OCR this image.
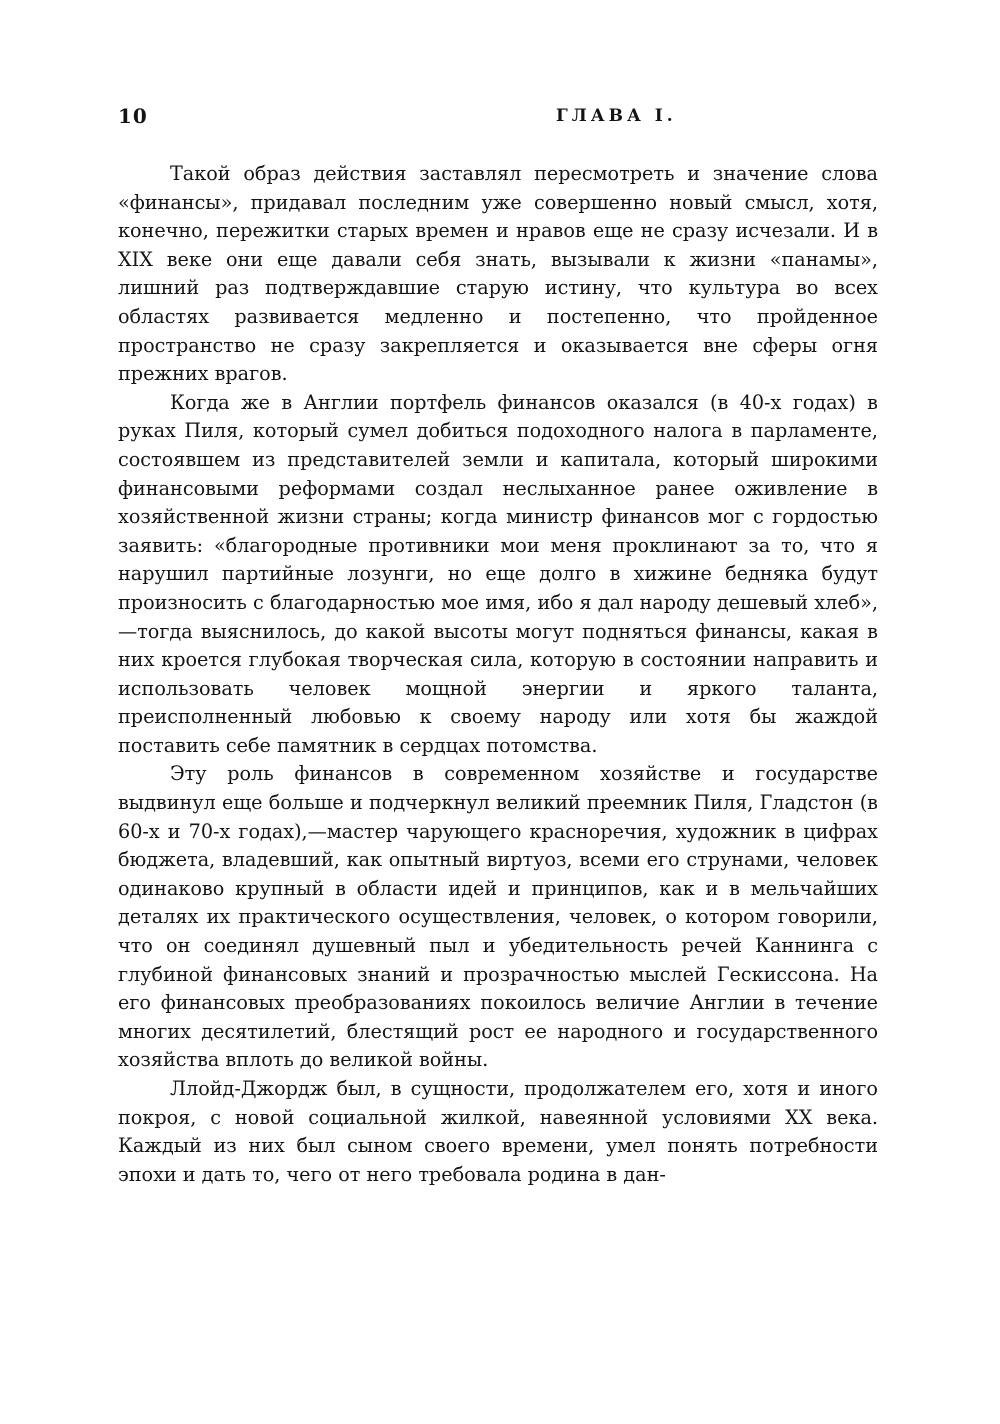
10	ГЛАВА I.

Такой образ действия заставлял пересмотреть и значение слова «финансы», придавал последним уже совершенно новый смысл, хотя, конечно, пережитки старых времен и нравов еще не сразу исчезали. И в XIX веке они еще давали себя знать, вызывали к жизни «панамы», лишний раз подтверждавшие старую истину, что культура во всех областях развивается медленно и постепенно, что пройденное пространство не сразу закрепляется и оказывается вне сферы огня прежних врагов.

Когда же в Англии портфель финансов оказался (в 40-х годах) в руках Пиля, который сумел добиться подоходного налога в парламенте, состоявшем из представителей земли и капитала, который широкими финансовыми реформами создал неслыханное ранее оживление в хозяйственной жизни страны; когда министр финансов мог с гордостью заявить: «благородные противники мои меня проклинают за то, что я нарушил партийные лозунги, но еще долго в хижине бедняка будут произносить с благодарностью мое имя, ибо я дал народу дешевый хлеб»,—тогда выяснилось, до какой высоты могут подняться финансы, какая в них кроется глубокая творческая сила, которую в состоянии направить и использовать человек мощной энергии и яркого таланта, преисполненный любовью к своему народу или хотя бы жаждой поставить себе памятник в сердцах потомства.

Эту роль финансов в современном хозяйстве и государстве выдвинул еще больше и подчеркнул великий преемник Пиля, Гладстон (в 60-х и 70-х годах),—мастер чарующего красноречия, художник в цифрах бюджета, владевший, как опытный виртуоз, всеми его струнами, человек одинаково крупный в области идей и принципов, как и в мельчайших деталях их практического осуществления, человек, о котором говорили, что он соединял душевный пыл и убедительность речей Каннинга с глубиной финансовых знаний и прозрачностью мыслей Гескиссона. На его финансовых преобразованиях покоилось величие Англии в течение многих десятилетий, блестящий рост ее народного и государственного хозяйства вплоть до великой войны.

Ллойд-Джордж был, в сущности, продолжателем его, хотя и иного покроя, с новой социальной жилкой, навеянной условиями XX века. Каждый из них был сыном своего времени, умел понять потребности эпохи и дать то, чего от него требовала родина в дан-
